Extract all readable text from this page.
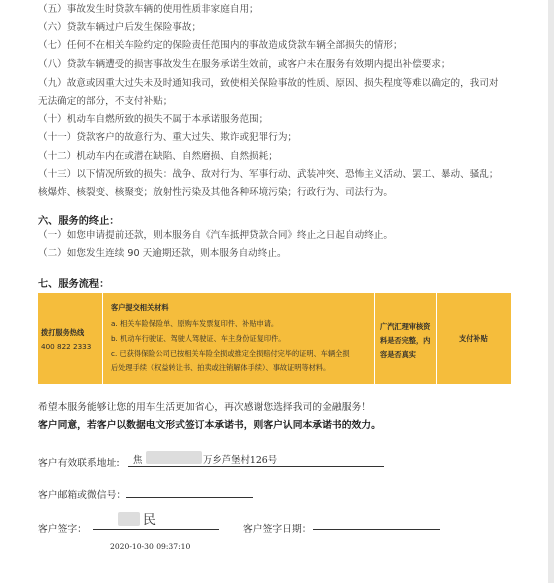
（五）事故发生时贷款车辆的使用性质非家庭自用；
（六）贷款车辆过户后发生保险事故；
（七）任何不在相关车险约定的保险责任范围内的事故造成贷款车辆全部损失的情形；
（八）贷款车辆遭受的损害事故发生在服务承诺生效前，或客户未在服务有效期内提出补偿要求；
（九）故意或因重大过失未及时通知我司，致使相关保险事故的性质、原因、损失程度等难以确定的，我司对
无法确定的部分，不支付补贴；
（十）机动车自燃所致的损失不属于本承诺服务范围；
（十一）贷款客户的故意行为、重大过失、欺诈或犯罪行为；
（十二）机动车内在或潜在缺陷、自然磨损、自然损耗；
（十三）以下情况所致的损失：战争、敌对行为、军事行动、武装冲突、恐怖主义活动、罢工、暴动、骚乱；
核爆炸、核裂变、核聚变；放射性污染及其他各种环境污染；行政行为、司法行为。
六、服务的终止：
（一）如您申请提前还款，则本服务自《汽车抵押贷款合同》终止之日起自动终止。
（二）如您发生连续 90 天逾期还款，则本服务自动终止。
七、服务流程：
拨打服务热线
400 822 2333
客户提交相关材料
a. 相关车险保险单、原购车发票复印件、补贴申请。
b. 机动车行驶证、驾驶人驾驶证、车主身份证复印件。
c. 已获得保险公司已按相关车险全损或推定全损赔付完毕的证明、车辆全损
后处理手续（权益转让书、拍卖或注销解体手续）、事故证明等材料。
广汽汇理审核资
料是否完整，内
容是否真实
支付补贴
希望本服务能够让您的用车生活更加省心，再次感谢您选择我司的金融服务！
客户同意，若客户以数据电文形式签订本承诺书，则客户认同本承诺书的效力。
客户有效联系地址: 焦	万乡芦堡村126号
客户邮箱或微信号：
客户签字：
民
2020-10-30 09:37:10
客户签字日期：
